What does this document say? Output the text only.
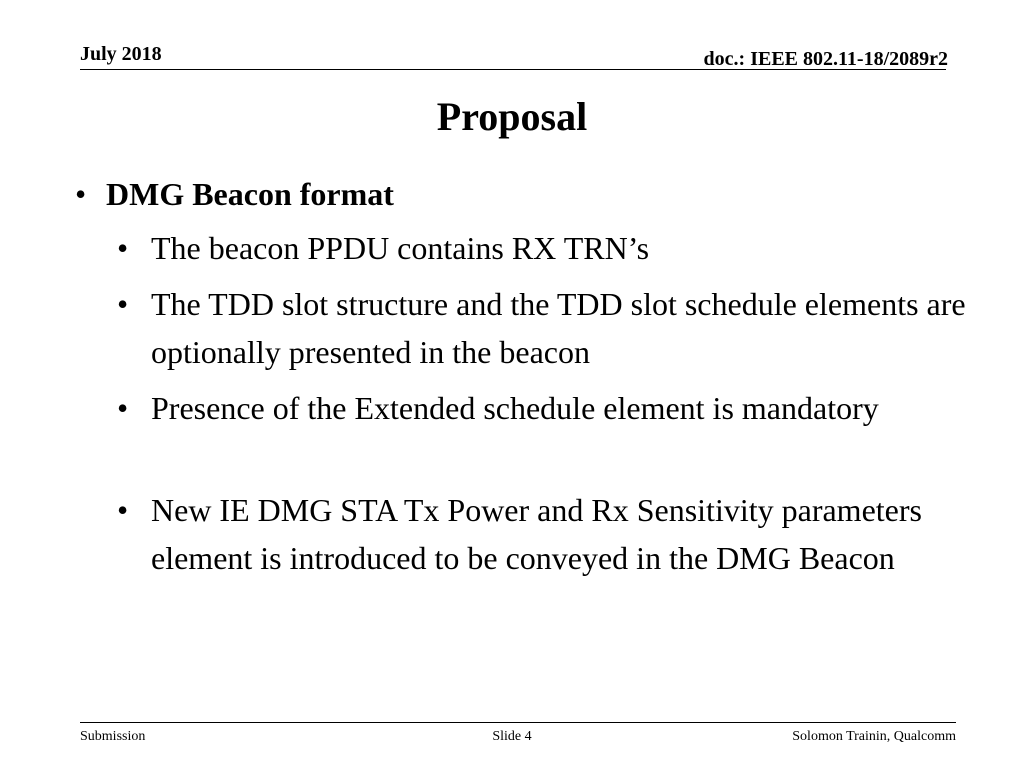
July 2018	doc.: IEEE 802.11-18/2089r2
Proposal
• DMG Beacon format
• The beacon PPDU contains RX TRN’s
• The TDD slot structure and the TDD slot schedule elements are optionally presented in the beacon
• Presence of the Extended schedule element is mandatory
• New IE DMG STA Tx Power and Rx Sensitivity parameters element is introduced to be conveyed in the DMG Beacon
Submission	Slide 4	Solomon Trainin, Qualcomm
